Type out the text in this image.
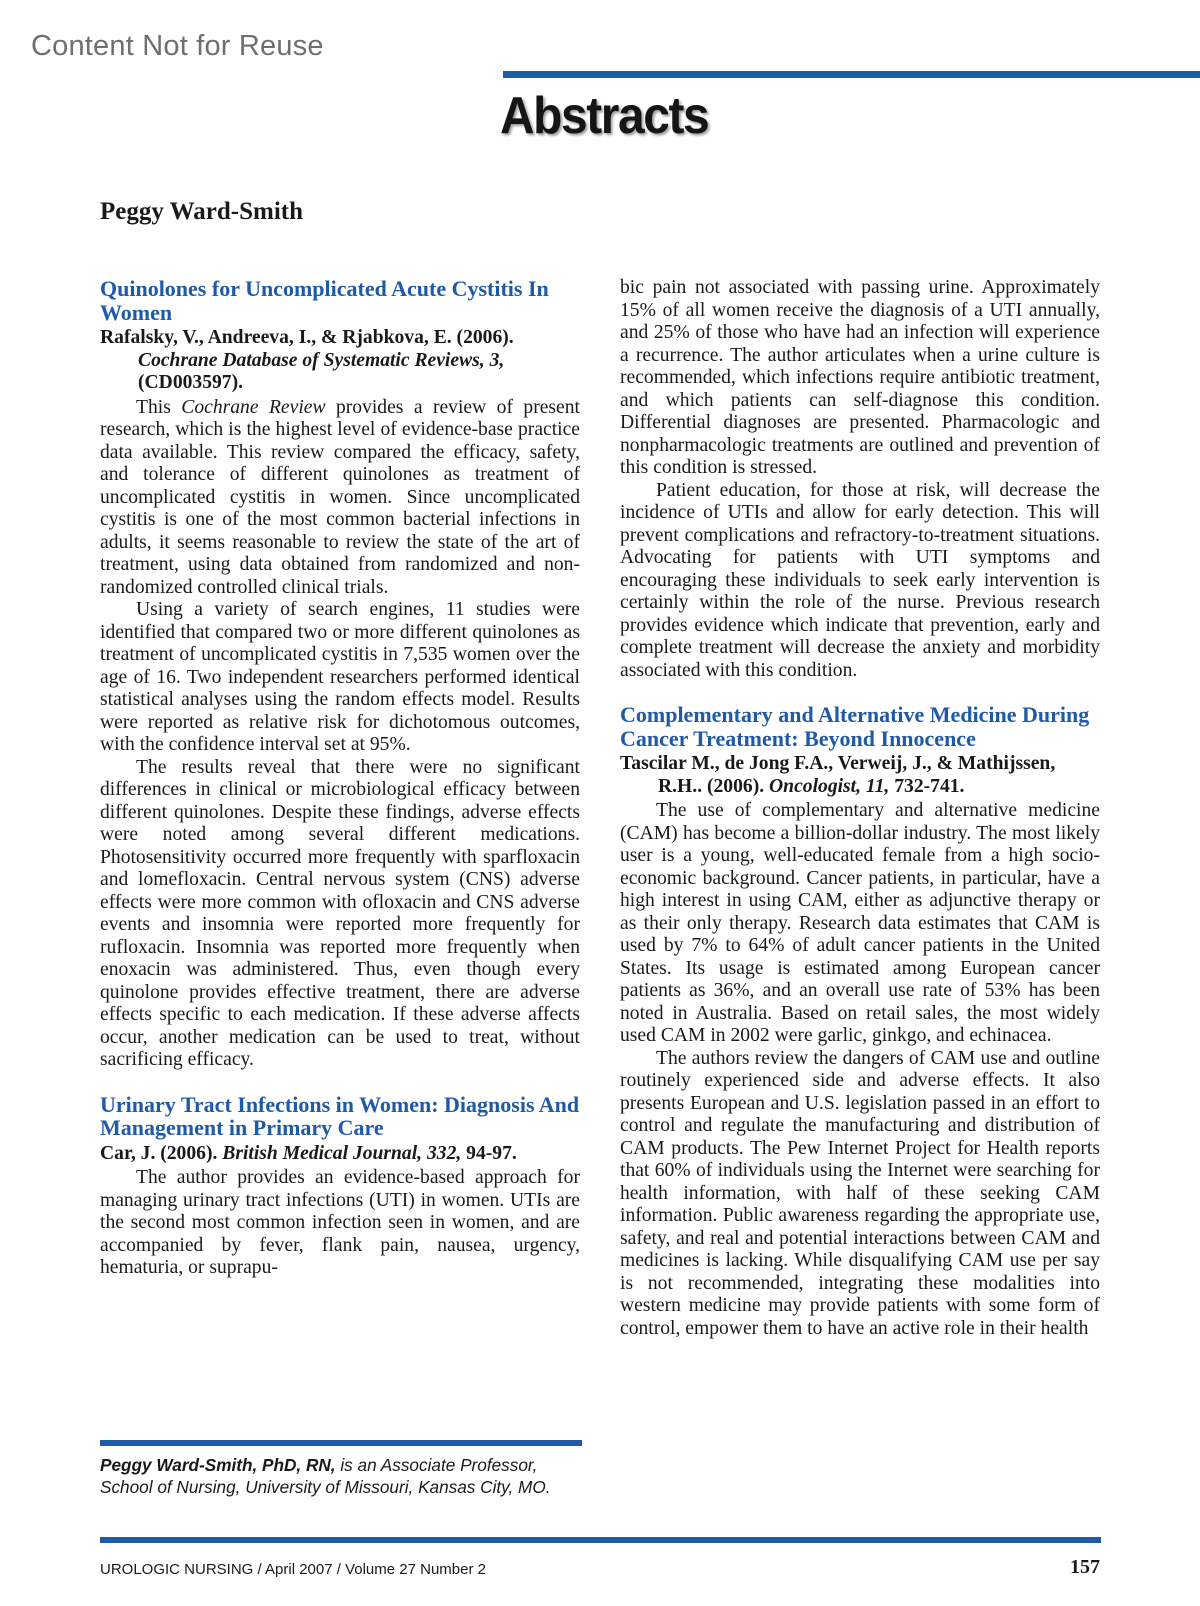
Content Not for Reuse
Abstracts
Peggy Ward-Smith
Quinolones for Uncomplicated Acute Cystitis In Women
Rafalsky, V., Andreeva, I., & Rjabkova, E. (2006). Cochrane Database of Systematic Reviews, 3, (CD003597).

This Cochrane Review provides a review of present research, which is the highest level of evidence-base practice data available. This review compared the efficacy, safety, and tolerance of different quinolones as treatment of uncomplicated cystitis in women. Since uncomplicated cystitis is one of the most common bacterial infections in adults, it seems reasonable to review the state of the art of treatment, using data obtained from randomized and non-randomized controlled clinical trials.

Using a variety of search engines, 11 studies were identified that compared two or more different quinolones as treatment of uncomplicated cystitis in 7,535 women over the age of 16. Two independent researchers performed identical statistical analyses using the random effects model. Results were reported as relative risk for dichotomous outcomes, with the confidence interval set at 95%.

The results reveal that there were no significant differences in clinical or microbiological efficacy between different quinolones. Despite these findings, adverse effects were noted among several different medications. Photosensitivity occurred more frequently with sparfloxacin and lomefloxacin. Central nervous system (CNS) adverse effects were more common with ofloxacin and CNS adverse events and insomnia were reported more frequently for rufloxacin. Insomnia was reported more frequently when enoxacin was administered. Thus, even though every quinolone provides effective treatment, there are adverse effects specific to each medication. If these adverse affects occur, another medication can be used to treat, without sacrificing efficacy.

Urinary Tract Infections in Women: Diagnosis And Management in Primary Care
Car, J. (2006). British Medical Journal, 332, 94-97.

The author provides an evidence-based approach for managing urinary tract infections (UTI) in women. UTIs are the second most common infection seen in women, and are accompanied by fever, flank pain, nausea, urgency, hematuria, or suprapu-

bic pain not associated with passing urine. Approximately 15% of all women receive the diagnosis of a UTI annually, and 25% of those who have had an infection will experience a recurrence. The author articulates when a urine culture is recommended, which infections require antibiotic treatment, and which patients can self-diagnose this condition. Differential diagnoses are presented. Pharmacologic and nonpharmacologic treatments are outlined and prevention of this condition is stressed.

Patient education, for those at risk, will decrease the incidence of UTIs and allow for early detection. This will prevent complications and refractory-to-treatment situations. Advocating for patients with UTI symptoms and encouraging these individuals to seek early intervention is certainly within the role of the nurse. Previous research provides evidence which indicate that prevention, early and complete treatment will decrease the anxiety and morbidity associated with this condition.

Complementary and Alternative Medicine During Cancer Treatment: Beyond Innocence
Tascilar M., de Jong F.A., Verweij, J., & Mathijssen, R.H.. (2006). Oncologist, 11, 732-741.

The use of complementary and alternative medicine (CAM) has become a billion-dollar industry. The most likely user is a young, well-educated female from a high socio-economic background. Cancer patients, in particular, have a high interest in using CAM, either as adjunctive therapy or as their only therapy. Research data estimates that CAM is used by 7% to 64% of adult cancer patients in the United States. Its usage is estimated among European cancer patients as 36%, and an overall use rate of 53% has been noted in Australia. Based on retail sales, the most widely used CAM in 2002 were garlic, ginkgo, and echinacea.

The authors review the dangers of CAM use and outline routinely experienced side and adverse effects. It also presents European and U.S. legislation passed in an effort to control and regulate the manufacturing and distribution of CAM products. The Pew Internet Project for Health reports that 60% of individuals using the Internet were searching for health information, with half of these seeking CAM information. Public awareness regarding the appropriate use, safety, and real and potential interactions between CAM and medicines is lacking. While disqualifying CAM use per say is not recommended, integrating these modalities into western medicine may provide patients with some form of control, empower them to have an active role in their health

Peggy Ward-Smith, PhD, RN, is an Associate Professor, School of Nursing, University of Missouri, Kansas City, MO.
UROLOGIC NURSING / April 2007 / Volume 27 Number 2	157
